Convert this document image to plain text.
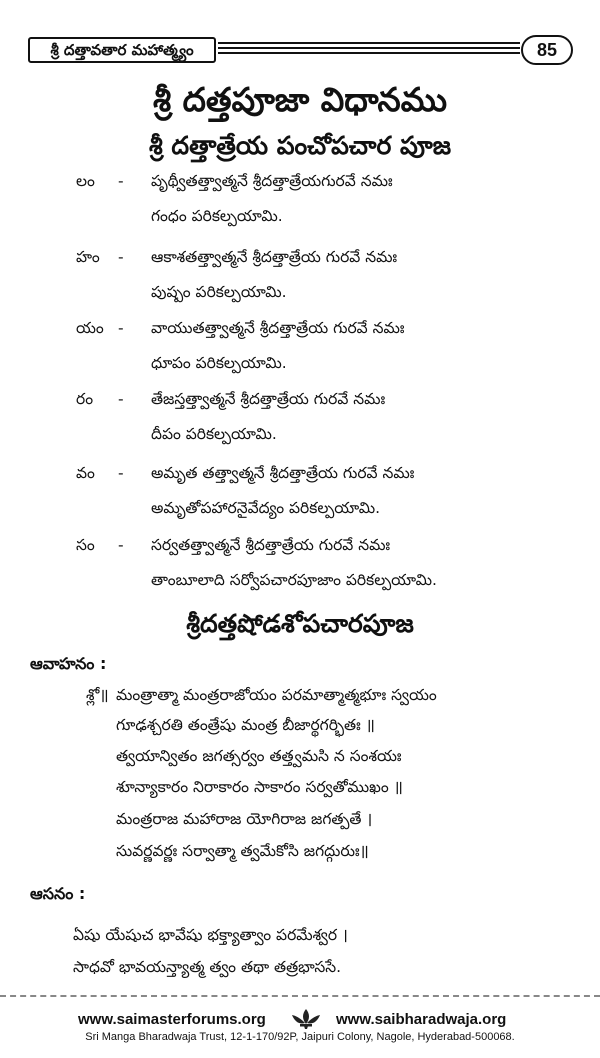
శ్రీ దత్తావతార మహాత్మ్యం	85
శ్రీ దత్తపూజా విధానము
శ్రీ దత్తాత్రేయ పంచోపచార పూజ
లం - పృథ్వీతత్త్వాత్మనే శ్రీదత్తాత్రేయగురవే నమః
గంధం పరికల్పయామి.
హం - ఆకాశతత్త్వాత్మనే శ్రీదత్తాత్రేయ గురవే నమః
పుష్పం పరికల్పయామి.
యం - వాయుతత్త్వాత్మనే శ్రీదత్తాత్రేయ గురవే నమః
ధూపం పరికల్పయామి.
రం - తేజస్తత్త్వాత్మనే శ్రీదత్తాత్రేయ గురవే నమః
దీపం పరికల్పయామి.
వం - అమృత తత్త్వాత్మనే శ్రీదత్తాత్రేయ గురవే నమః
అమృతోపహారనైవేద్యం పరికల్పయామి.
సం - సర్వతత్త్వాత్మనే శ్రీదత్తాత్రేయ గురవే నమః
తాంబూలాది సర్వోపచారపూజాం పరికల్పయామి.
శ్రీదత్తషోడశోపచారపూజ
ఆవాహనం :
శ్లో॥ మంత్రాత్మా మంత్రరాజోయం పరమాత్మాత్మభూః స్వయం
గూఢశ్చరతి తంత్రేషు మంత్ర బీజార్థగర్భితః ॥
త్వయాన్వితం జగత్సర్వం తత్త్వమసి న సంశయః
శూన్యాకారం నిరాకారం సాకారం సర్వతోముఖం ॥
మంత్రరాజ మహారాజ యోగిరాజ జగత్పతే ।
సువర్ణవర్ణః సర్వాత్మా త్వమేకోసి జగద్గురుః॥
ఆసనం :
ఏషు యేషుచ భావేషు భక్త్యాత్వాం పరమేశ్వర ।
సాధవో భావయన్త్యాత్మ త్వం తథా తత్రభాససే.
www.saimasterforums.org	www.saibharadwaja.org
Sri Manga Bharadwaja Trust, 12-1-170/92P, Jaipuri Colony, Nagole, Hyderabad-500068.
